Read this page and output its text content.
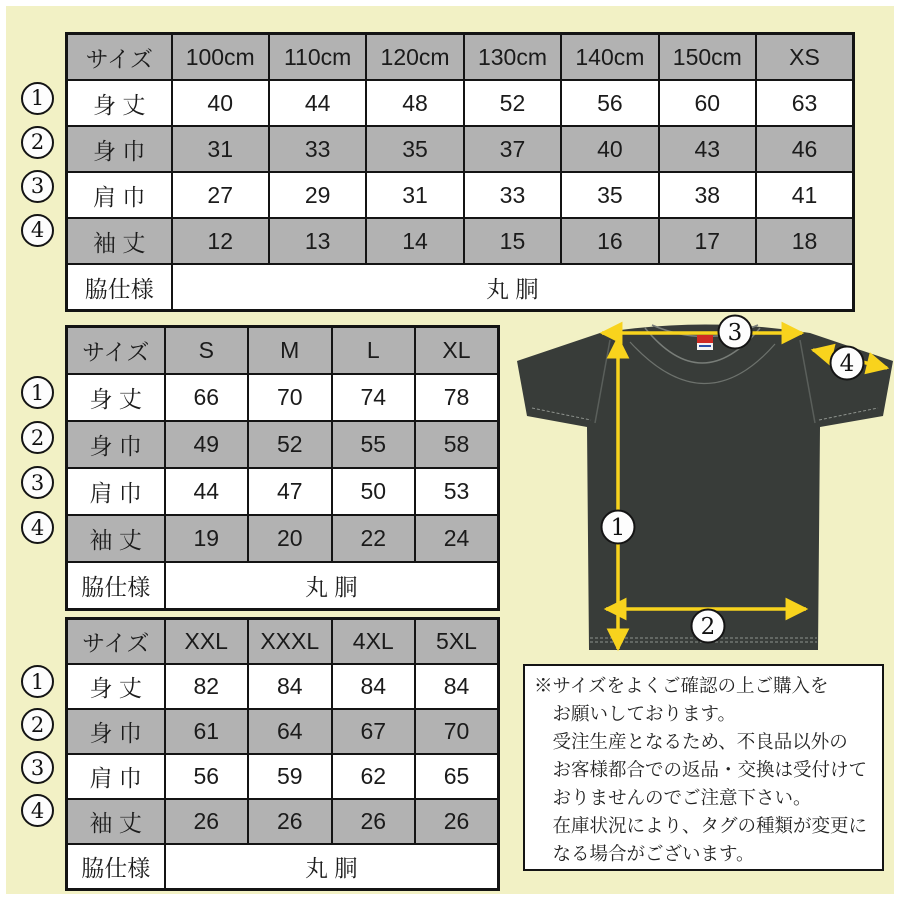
1
2
3
4
サイズ	100cm	110cm	120cm	130cm	140cm	150cm	XS
身 丈	40	44	48	52	56	60	63
身 巾	31	33	35	37	40	43	46
肩 巾	27	29	31	33	35	38	41
袖 丈	12	13	14	15	16	17	18
脇仕様	丸 胴						
1
2
3
4
サイズ	S	M	L	XL
身 丈	66	70	74	78
身 巾	49	52	55	58
肩 巾	44	47	50	53
袖 丈	19	20	22	24
脇仕様	丸 胴			
1
2
3
4
サイズ	XXL	XXXL	4XL	5XL
身 丈	82	84	84	84
身 巾	61	64	67	70
肩 巾	56	59	62	65
袖 丈	26	26	26	26
脇仕様	丸 胴			
1
2
3
4
※サイズをよくご確認の上ご購入を
お願いしております。
受注生産となるため、不良品以外の
お客様都合での返品・交換は受付けて
おりませんのでご注意下さい。
在庫状況により、タグの種類が変更に
なる場合がございます。
